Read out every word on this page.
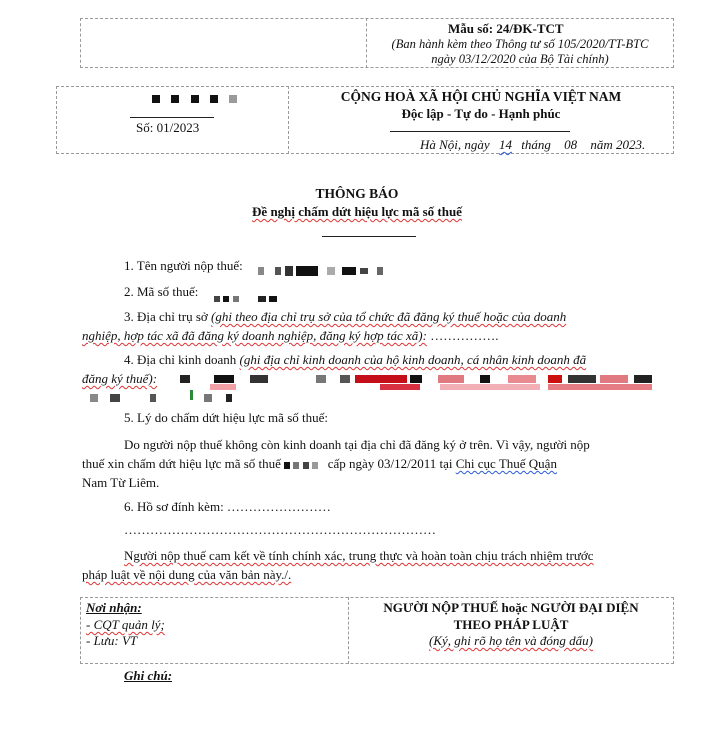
Mẫu số: 24/ĐK-TCT
(Ban hành kèm theo Thông tư số 105/2020/TT-BTC
ngày 03/12/2020 của Bộ Tài chính)

Số: 01/2023
CỘNG HOÀ XÃ HỘI CHỦ NGHĨA VIỆT NAM
Độc lập - Tự do - Hạnh phúc
Hà Nội, ngày 14 tháng 08 năm 2023.
THÔNG BÁO
Đề nghị chấm dứt hiệu lực mã số thuế
1. Tên người nộp thuế:

2. Mã số thuế:

3. Địa chỉ trụ sở (ghi theo địa chỉ trụ sở của tổ chức đã đăng ký thuế hoặc của doanh
nghiệp, hợp tác xã đã đăng ký doanh nghiệp, đăng ký hợp tác xã): …………….
4. Địa chỉ kinh doanh (ghi địa chỉ kinh doanh của hộ kinh doanh, cá nhân kinh doanh đã
đăng ký thuế):
5. Lý do chấm dứt hiệu lực mã số thuế:
Do người nộp thuế không còn kinh doanh tại địa chỉ đã đăng ký ở trên. Vì vậy, người nộp
thuế xin chấm dứt hiệu lực mã số thuế	cấp ngày 03/12/2011 tại Chi cục Thuế Quận
Nam Từ Liêm.
6. Hồ sơ đính kèm: ……………………
………………………………………………………………
Người nộp thuế cam kết về tính chính xác, trung thực và hoàn toàn chịu trách nhiệm trước
pháp luật về nội dung của văn bản này./.
Nơi nhận:
- CQT quản lý;
- Lưu: VT
NGƯỜI NỘP THUẾ hoặc NGƯỜI ĐẠI DIỆN
THEO PHÁP LUẬT
(Ký, ghi rõ họ tên và đóng dấu)
Ghi chú:
